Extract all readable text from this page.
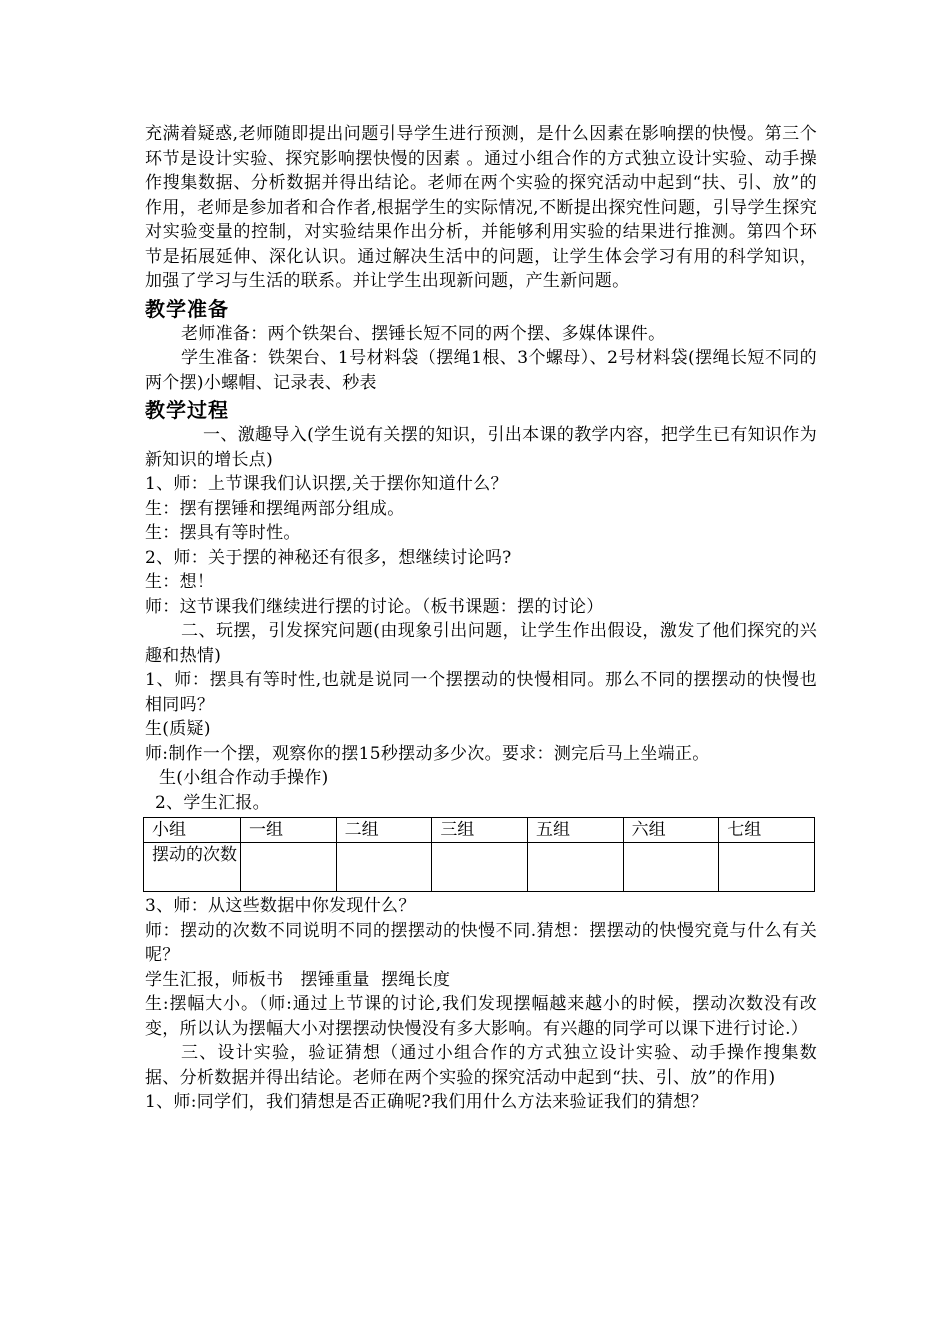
充满着疑惑,老师随即提出问题引导学生进行预测，是什么因素在影响摆的快慢。第三个环节是设计实验、探究影响摆快慢的因素 。通过小组合作的方式独立设计实验、动手操作搜集数据、分析数据并得出结论。老师在两个实验的探究活动中起到“扶、引、放”的作用，老师是参加者和合作者,根据学生的实际情况,不断提出探究性问题，引导学生探究对实验变量的控制，对实验结果作出分析，并能够利用实验的结果进行推测。第四个环节是拓展延伸、深化认识。通过解决生活中的问题，让学生体会学习有用的科学知识，加强了学习与生活的联系。并让学生出现新问题，产生新问题。

教学准备

老师准备：两个铁架台、摆锤长短不同的两个摆、多媒体课件。

学生准备：铁架台、1号材料袋（摆绳1根、3个螺母）、2号材料袋(摆绳长短不同的两个摆)小螺帽、记录表、秒表

教学过程

一、激趣导入(学生说有关摆的知识，引出本课的教学内容，把学生已有知识作为新知识的增长点)

1、师：上节课我们认识摆,关于摆你知道什么？

生：摆有摆锤和摆绳两部分组成。

生：摆具有等时性。

2、师：关于摆的神秘还有很多，想继续讨论吗?

生：想！

师：这节课我们继续进行摆的讨论。（板书课题：摆的讨论）

二、玩摆，引发探究问题(由现象引出问题，让学生作出假设，激发了他们探究的兴趣和热情)

1、师：摆具有等时性,也就是说同一个摆摆动的快慢相同。那么不同的摆摆动的快慢也相同吗？

生(质疑)

师:制作一个摆，观察你的摆15秒摆动多少次。要求：测完后马上坐端正。

生(小组合作动手操作)

2、学生汇报。

小组	一组	二组	三组	五组	六组	七组
摆动的次数						

3、师：从这些数据中你发现什么？

师：摆动的次数不同说明不同的摆摆动的快慢不同.猜想：摆摆动的快慢究竟与什么有关呢？

学生汇报，师板书   摆锤重量  摆绳长度

生:摆幅大小。（师:通过上节课的讨论,我们发现摆幅越来越小的时候，摆动次数没有改变，所以认为摆幅大小对摆摆动快慢没有多大影响。有兴趣的同学可以课下进行讨论.）

三、设计实验，验证猜想（通过小组合作的方式独立设计实验、动手操作搜集数据、分析数据并得出结论。老师在两个实验的探究活动中起到“扶、引、放”的作用)

1、师:同学们，我们猜想是否正确呢?我们用什么方法来验证我们的猜想？
